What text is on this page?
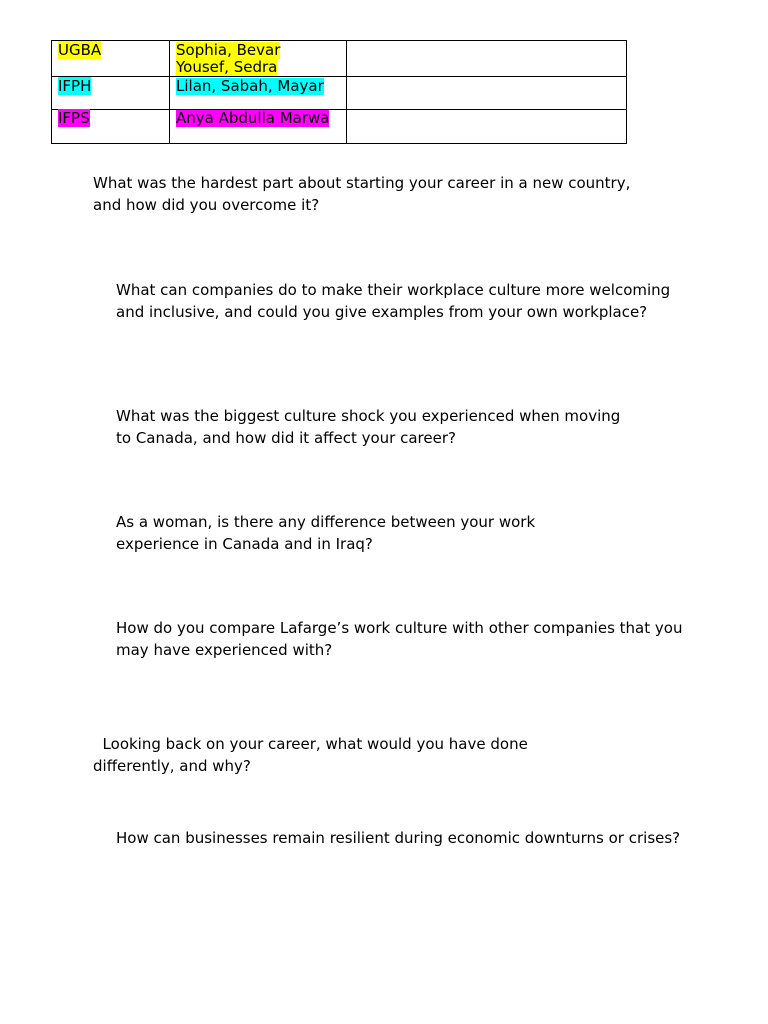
UGBA	Sophia, Bevar
Yousef, Sedra	

IFPH	Lilan, Sabah, Mayar	

IFPS	Anya Abdulla Marwa	

What was the hardest part about starting your career in a new country, and how did you overcome it?

What can companies do to make their workplace culture more welcoming and inclusive, and could you give examples from your own workplace?

What was the biggest culture shock you experienced when moving to Canada, and how did it affect your career?

As a woman, is there any difference between your work experience in Canada and in Iraq?

How do you compare Lafarge’s work culture with other companies that you may have experienced with?

Looking back on your career, what would you have done differently, and why?

How can businesses remain resilient during economic downturns or crises?
